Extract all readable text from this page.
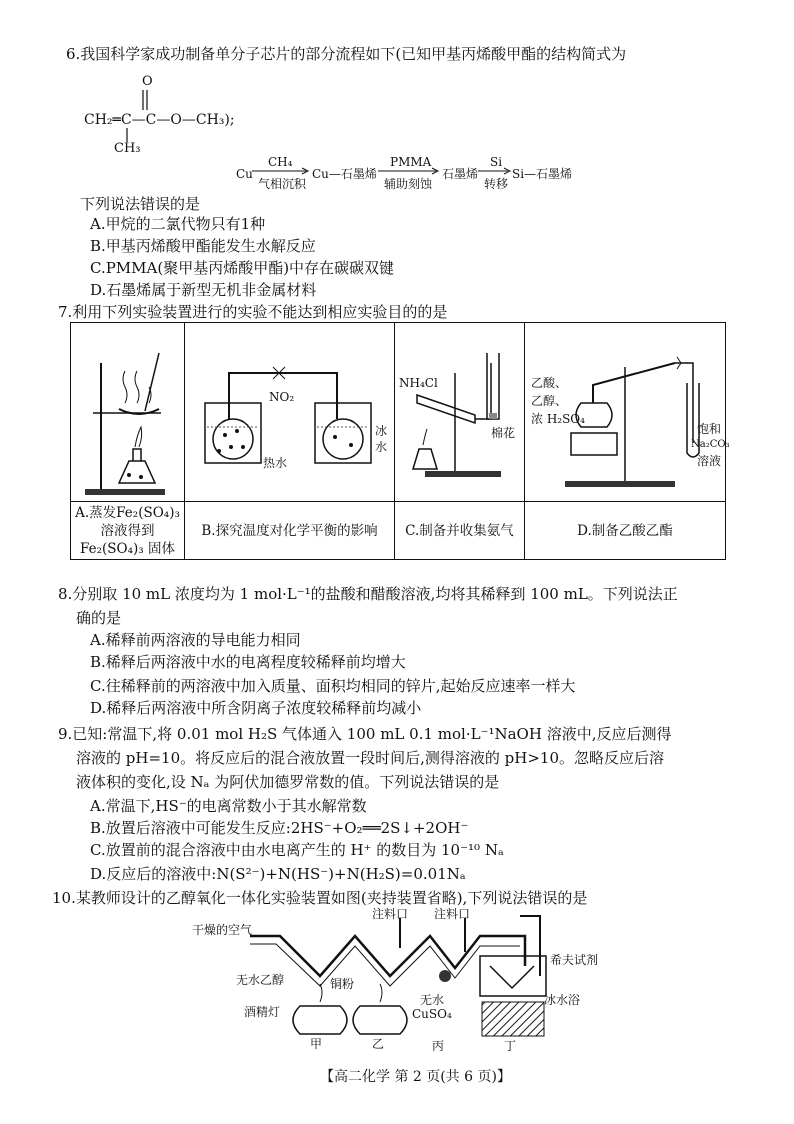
6.我国科学家成功制备单分子芯片的部分流程如下(已知甲基丙烯酸甲酯的结构简式为
O
CH₂═C—C—O—CH₃);
CH₃
Cu
CH₄
气相沉积
Cu—石墨烯
PMMA
辅助刻蚀
石墨烯
Si
转移
Si—石墨烯
下列说法错误的是
A.甲烷的二氯代物只有1种
B.甲基丙烯酸甲酯能发生水解反应
C.PMMA(聚甲基丙烯酸甲酯)中存在碳碳双键
D.石墨烯属于新型无机非金属材料
7.利用下列实验装置进行的实验不能达到相应实验目的的是
A.蒸发Fe₂(SO₄)₃
溶液得到
Fe₂(SO₄)₃ 固体
NO₂
热水
冰
水
B.探究温度对化学平衡的影响
NH₄Cl
棉花
C.制备并收集氨气
乙酸、
乙醇、
浓 H₂SO₄
饱和
Na₂CO₃
溶液
D.制备乙酸乙酯
8.分别取 10 mL 浓度均为 1 mol·L⁻¹的盐酸和醋酸溶液,均将其稀释到 100 mL。下列说法正
确的是
A.稀释前两溶液的导电能力相同
B.稀释后两溶液中水的电离程度较稀释前均增大
C.往稀释前的两溶液中加入质量、面积均相同的锌片,起始反应速率一样大
D.稀释后两溶液中所含阴离子浓度较稀释前均减小
9.已知:常温下,将 0.01 mol H₂S 气体通入 100 mL 0.1 mol·L⁻¹NaOH 溶液中,反应后测得
溶液的 pH=10。将反应后的混合液放置一段时间后,测得溶液的 pH>10。忽略反应后溶
液体积的变化,设 Nₐ 为阿伏加德罗常数的值。下列说法错误的是
A.常温下,HS⁻的电离常数小于其水解常数
B.放置后溶液中可能发生反应:2HS⁻+O₂══2S↓+2OH⁻
C.放置前的混合溶液中由水电离产生的 H⁺ 的数目为 10⁻¹⁰ Nₐ
D.反应后的溶液中:N(S²⁻)+N(HS⁻)+N(H₂S)=0.01Nₐ
10.某教师设计的乙醇氧化一体化实验装置如图(夹持装置省略),下列说法错误的是
干燥的空气
注料口 注料口
希夫试剂
无水乙醇	铜粉
酒精灯
无水
CuSO₄
冰水浴
甲	乙	丙	丁
【高二化学 第 2 页(共 6 页)】
